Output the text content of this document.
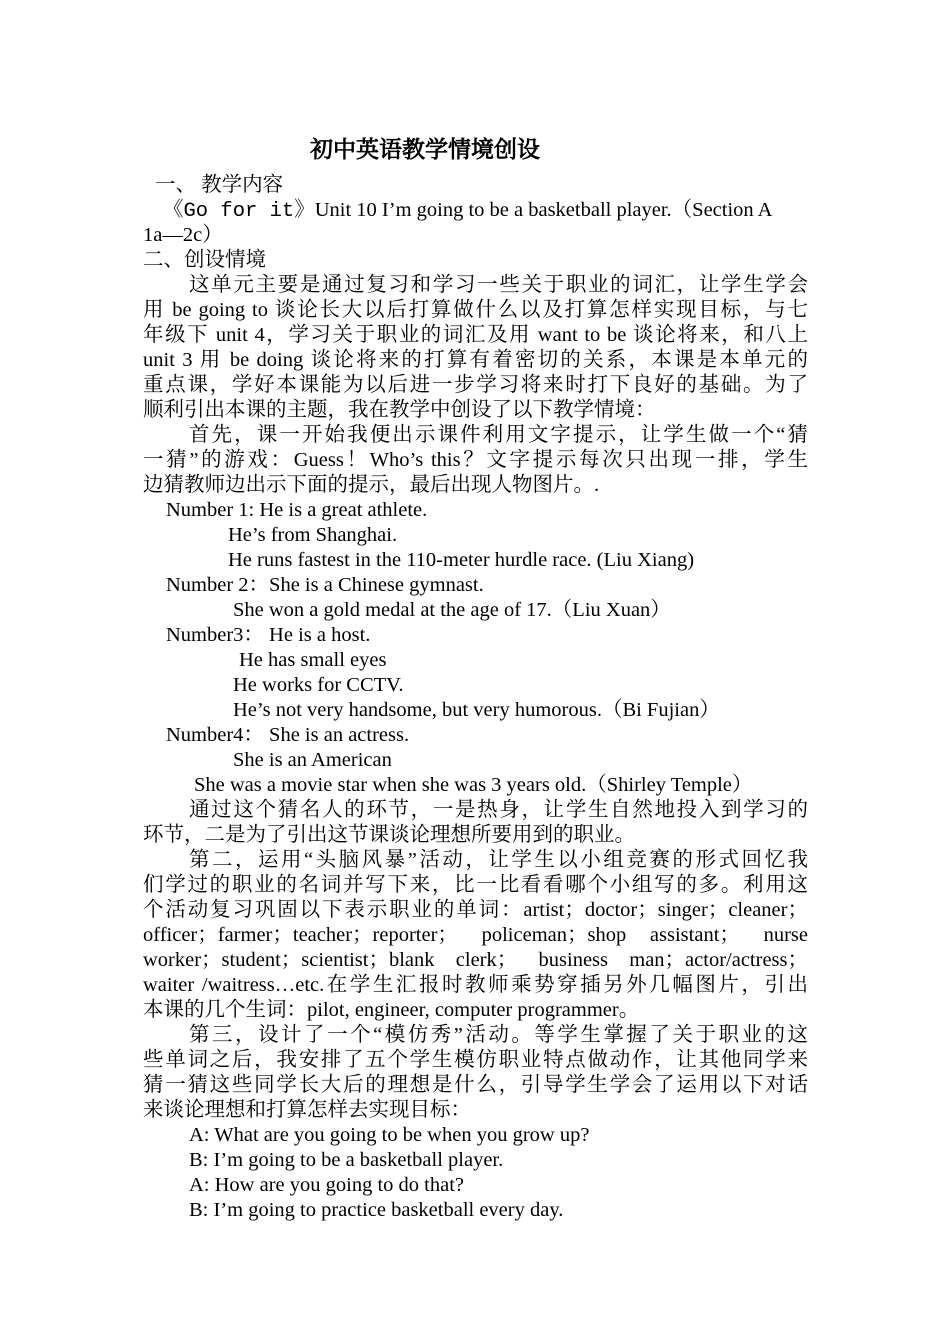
初中英语教学情境创设
一、 教学内容
《Go for it》Unit 10 I’m going to be a basketball player.（Section A
1a—2c）
二、创设情境
这单元主要是通过复习和学习一些关于职业的词汇，让学生学会
用 be going to 谈论长大以后打算做什么以及打算怎样实现目标，与七
年级下 unit 4，学习关于职业的词汇及用 want to be 谈论将来，和八上
unit 3 用 be doing 谈论将来的打算有着密切的关系，本课是本单元的
重点课，学好本课能为以后进一步学习将来时打下良好的基础。为了
顺利引出本课的主题，我在教学中创设了以下教学情境：
首先，课一开始我便出示课件利用文字提示，让学生做一个“猜
一猜”的游戏：Guess！Who’s this？文字提示每次只出现一排，学生
边猜教师边出示下面的提示，最后出现人物图片。.
Number 1: He is a great athlete.
He’s from Shanghai.
He runs fastest in the 110-meter hurdle race. (Liu Xiang)
Number 2：She is a Chinese gymnast.
She won a gold medal at the age of 17.（Liu Xuan）
Number3： He is a host.
He has small eyes
He works for CCTV.
He’s not very handsome, but very humorous.（Bi Fujian）
Number4： She is an actress.
She is an American
She was a movie star when she was 3 years old.（Shirley Temple）
通过这个猜名人的环节，一是热身，让学生自然地投入到学习的
环节，二是为了引出这节课谈论理想所要用到的职业。
第二，运用“头脑风暴”活动，让学生以小组竞赛的形式回忆我
们学过的职业的名词并写下来，比一比看看哪个小组写的多。利用这
个活动复习巩固以下表示职业的单词：artist；doctor；singer；cleaner；
officer；farmer；teacher；reporter； policeman；shop assistant； nurse
worker；student；scientist；blank clerk； business man；actor/actress；
waiter /waitress…etc.在学生汇报时教师乘势穿插另外几幅图片，引出
本课的几个生词：pilot, engineer, computer programmer。
第三，设计了一个“模仿秀”活动。等学生掌握了关于职业的这
些单词之后，我安排了五个学生模仿职业特点做动作，让其他同学来
猜一猜这些同学长大后的理想是什么，引导学生学会了运用以下对话
来谈论理想和打算怎样去实现目标：
A: What are you going to be when you grow up?
B: I’m going to be a basketball player.
A: How are you going to do that?
B: I’m going to practice basketball every day.
